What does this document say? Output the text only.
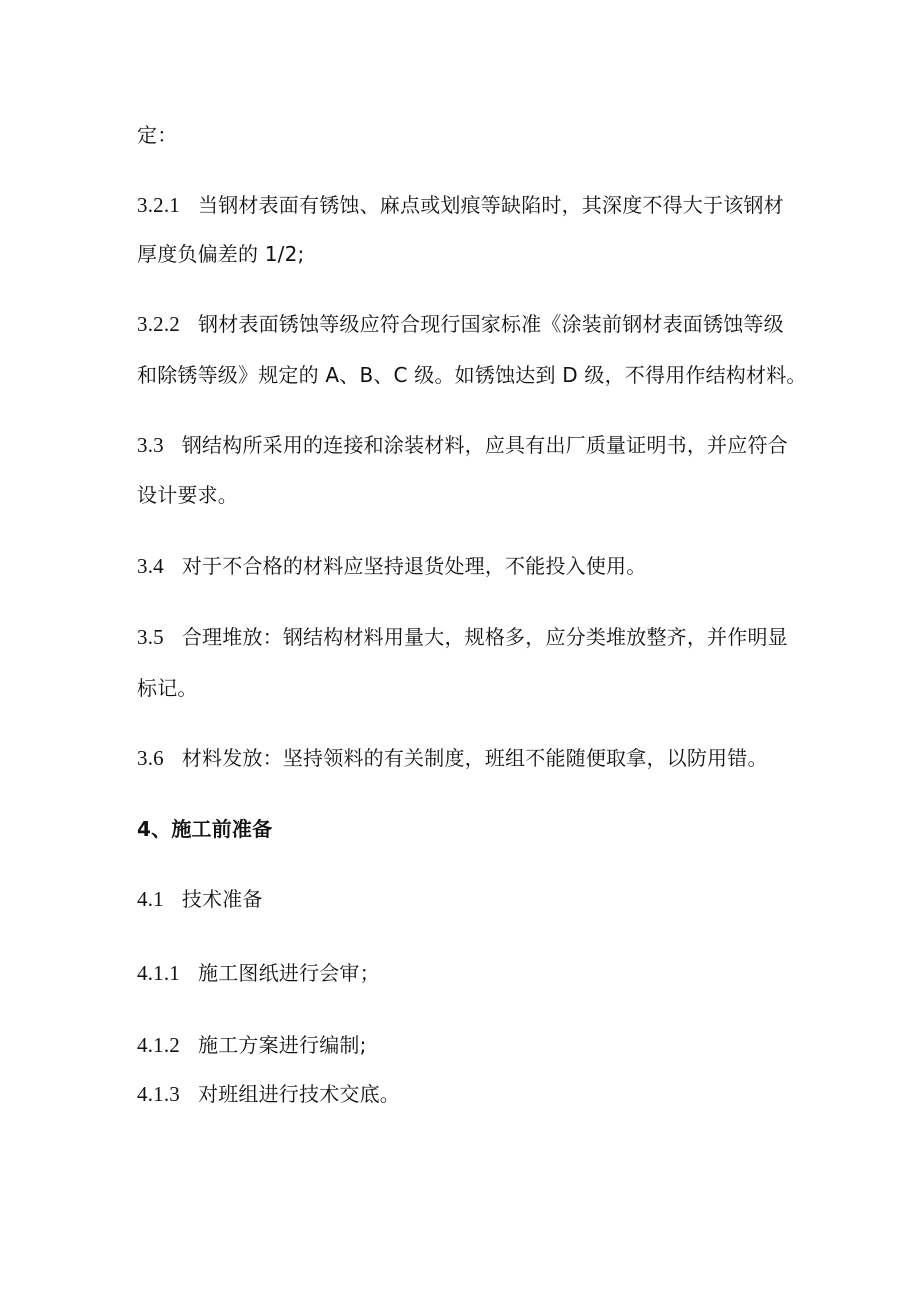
定：
3.2.1 当钢材表面有锈蚀、麻点或划痕等缺陷时，其深度不得大于该钢材
厚度负偏差的 1/2;
3.2.2 钢材表面锈蚀等级应符合现行国家标准《涂装前钢材表面锈蚀等级
和除锈等级》规定的 A、B、C 级。如锈蚀达到 D 级，不得用作结构材料。
3.3 钢结构所采用的连接和涂装材料，应具有出厂质量证明书，并应符合
设计要求。
3.4 对于不合格的材料应坚持退货处理，不能投入使用。
3.5 合理堆放：钢结构材料用量大，规格多，应分类堆放整齐，并作明显
标记。
3.6 材料发放：坚持领料的有关制度，班组不能随便取拿，以防用错。
4、施工前准备
4.1 技术准备
4.1.1 施工图纸进行会审；
4.1.2 施工方案进行编制;
4.1.3 对班组进行技术交底。
